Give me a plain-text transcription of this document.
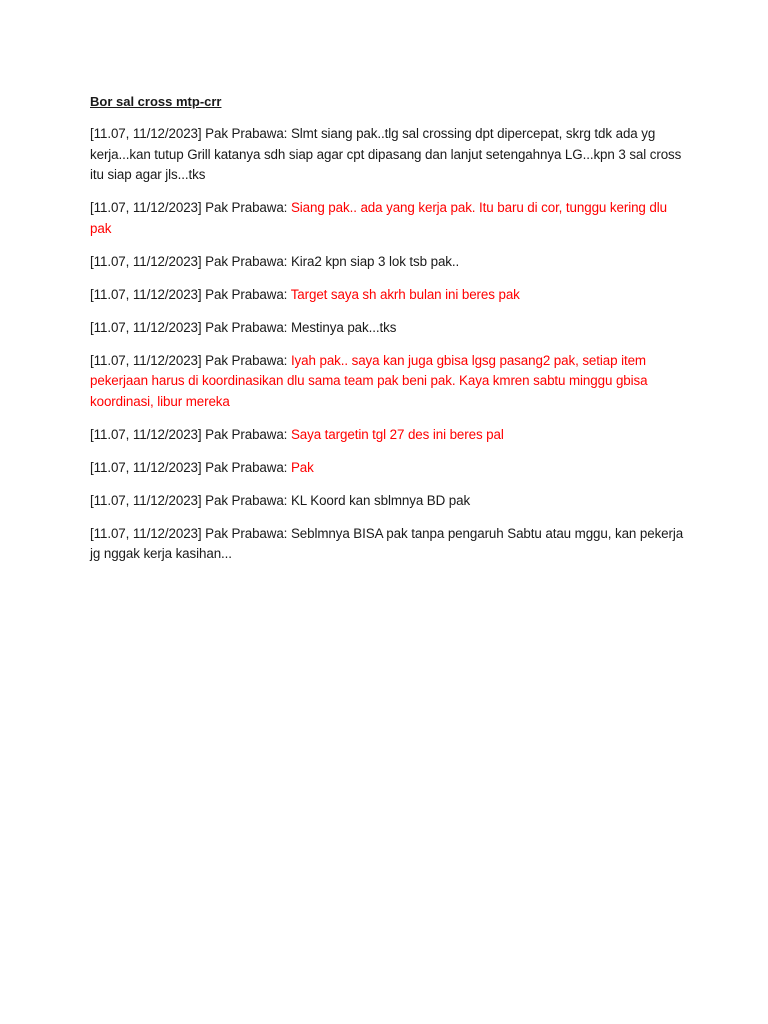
Bor sal cross mtp-crr
[11.07, 11/12/2023] Pak Prabawa: Slmt siang pak..tlg sal crossing dpt dipercepat, skrg tdk ada yg kerja...kan tutup Grill katanya sdh siap agar cpt dipasang dan lanjut setengahnya LG...kpn 3 sal cross itu siap agar jls...tks
[11.07, 11/12/2023] Pak Prabawa: Siang pak.. ada yang kerja pak. Itu baru di cor, tunggu kering dlu pak
[11.07, 11/12/2023] Pak Prabawa: Kira2 kpn siap 3 lok tsb pak..
[11.07, 11/12/2023] Pak Prabawa: Target saya sh akrh bulan ini beres pak
[11.07, 11/12/2023] Pak Prabawa: Mestinya pak...tks
[11.07, 11/12/2023] Pak Prabawa: Iyah pak.. saya kan juga gbisa lgsg pasang2 pak, setiap item pekerjaan harus di koordinasikan dlu sama team pak beni pak. Kaya kmren sabtu minggu gbisa koordinasi, libur mereka
[11.07, 11/12/2023] Pak Prabawa: Saya targetin tgl 27 des ini beres pal
[11.07, 11/12/2023] Pak Prabawa: Pak
[11.07, 11/12/2023] Pak Prabawa: KL Koord kan sblmnya BD pak
[11.07, 11/12/2023] Pak Prabawa: Seblmnya BISA pak tanpa pengaruh Sabtu atau mggu, kan pekerja jg nggak kerja kasihan...
